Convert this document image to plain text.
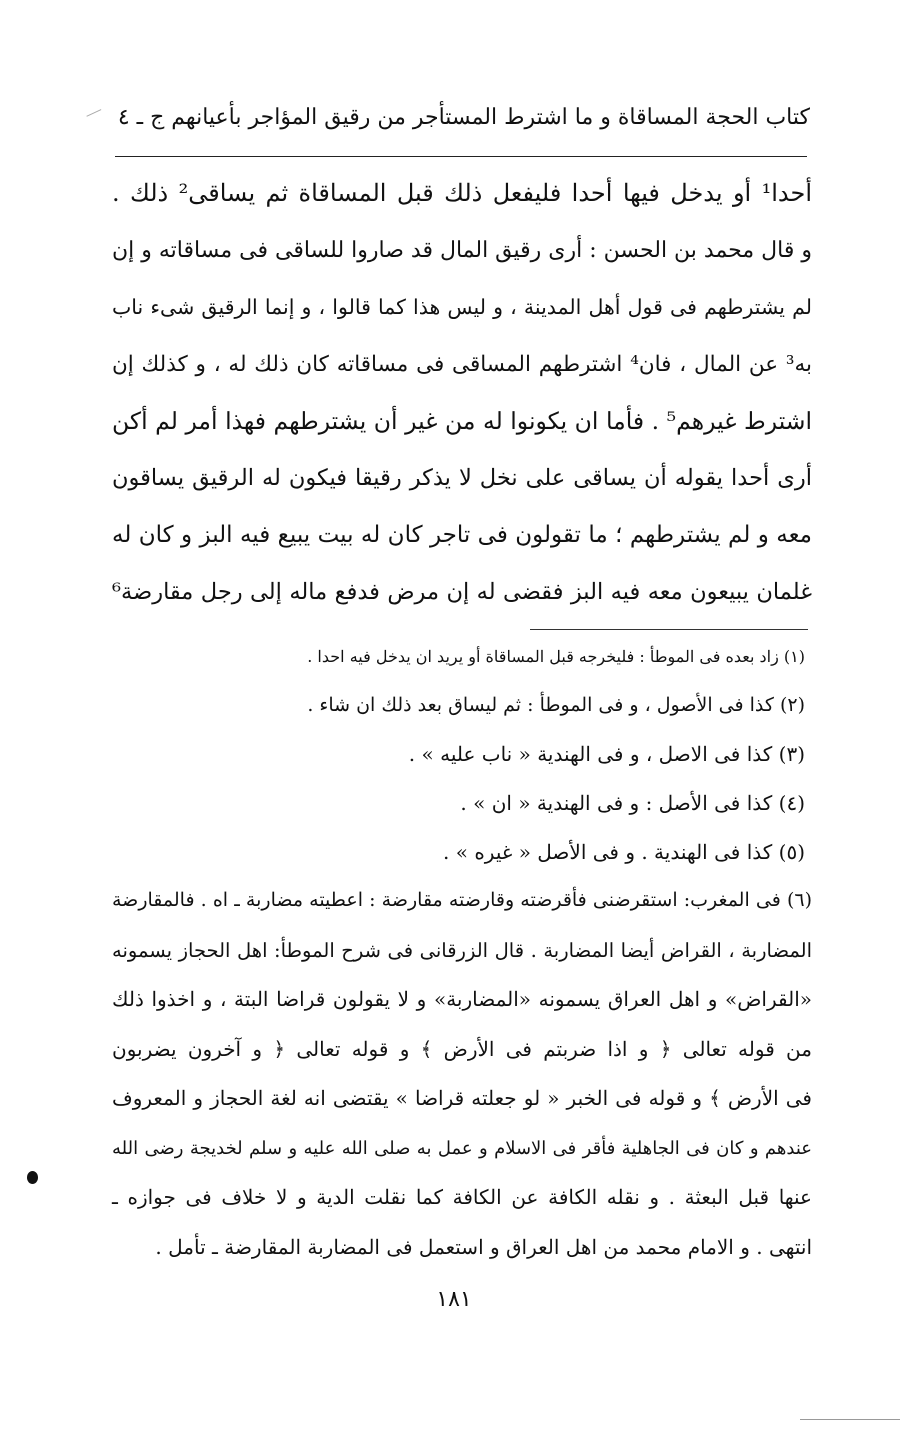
كتاب الحجة المساقاة و ما اشترط المستأجر من رقيق المؤاجر بأعيانهم ج ـ ٤
أحدا¹ أو يدخل فيها أحدا فليفعل ذلك قبل المساقاة ثم يساقى² ذلك .
و قال محمد بن الحسن : أرى رقيق المال قد صاروا للساقى فى مساقاته و إن
لم يشترطهم فى قول أهل المدينة ، و ليس هذا كما قالوا ، و إنما الرقيق شىء ناب
به³ عن المال ، فان⁴ اشترطهم المساقى فى مساقاته كان ذلك له ، و كذلك إن
اشترط غيرهم⁵ . فأما ان يكونوا له من غير أن يشترطهم فهذا أمر لم أكن
أرى أحدا يقوله أن يساقى على نخل لا يذكر رقيقا فيكون له الرقيق يساقون
معه و لم يشترطهم ؛ ما تقولون فى تاجر كان له بيت يبيع فيه البز و كان له
غلمان يبيعون معه فيه البز فقضى له إن مرض فدفع ماله إلى رجل مقارضة⁶
(١) زاد بعده فى الموطأ : فليخرجه قبل المساقاة أو يريد ان يدخل فيه احدا .
(٢) كذا فى الأصول ، و فى الموطأ : ثم ليساق بعد ذلك ان شاء .
(٣) كذا فى الاصل ، و فى الهندية « ناب عليه » .
(٤) كذا فى الأصل : و فى الهندية « ان » .
(٥) كذا فى الهندية . و فى الأصل « غيره » .
(٦) فى المغرب: استقرضنى فأقرضته وقارضته مقارضة : اعطيته مضاربة ـ اه . فالمقارضة
المضاربة ، القراض أيضا المضاربة . قال الزرقانى فى شرح الموطأ: اهل الحجاز يسمونه
«القراض» و اهل العراق يسمونه «المضاربة» و لا يقولون قراضا البتة ، و اخذوا ذلك
من قوله تعالى ﴿ و اذا ضربتم فى الأرض ﴾ و قوله تعالى ﴿ و آخرون يضربون
فى الأرض ﴾ و قوله فى الخبر « لو جعلته قراضا » يقتضى انه لغة الحجاز و المعروف
عندهم و كان فى الجاهلية فأقر فى الاسلام و عمل به صلى الله عليه و سلم لخديجة رضى الله
عنها قبل البعثة . و نقله الكافة عن الكافة كما نقلت الدية و لا خلاف فى جوازه ـ
انتهى . و الامام محمد من اهل العراق و استعمل فى المضاربة المقارضة ـ تأمل .
١٨١
